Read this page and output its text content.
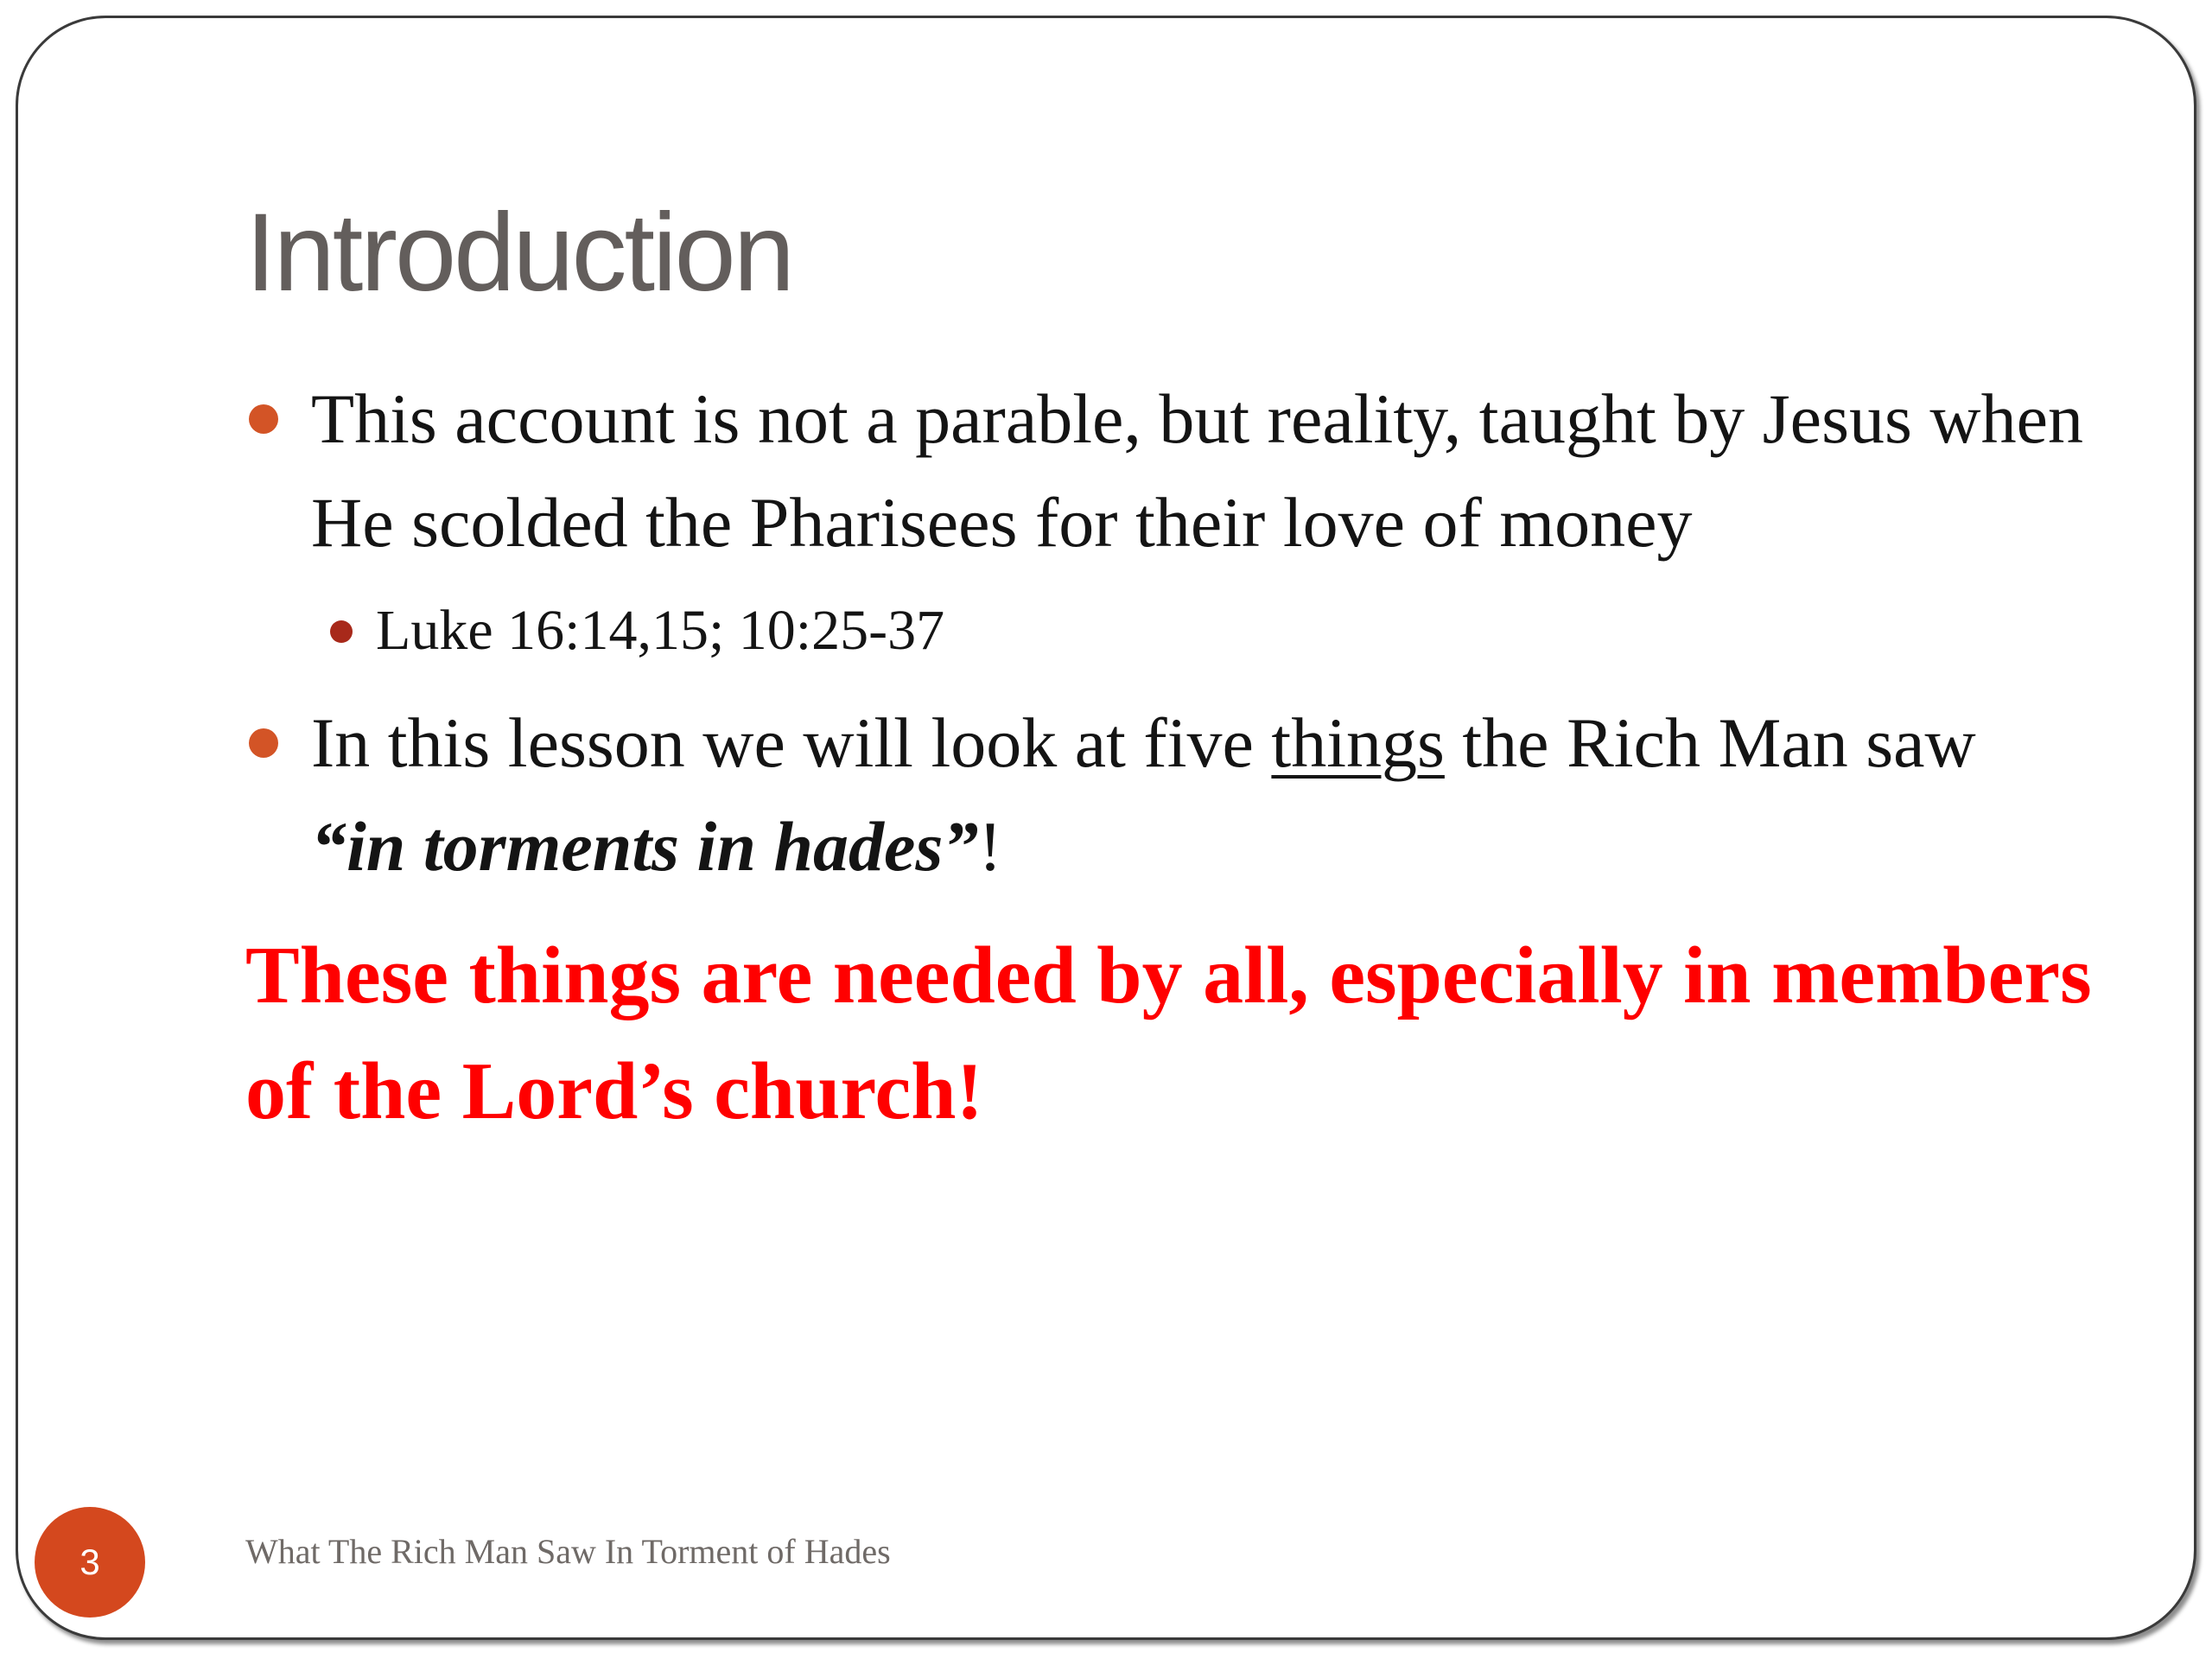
Introduction
This account is not a parable, but reality, taught by Jesus when He scolded the Pharisees for their love of money
Luke 16:14,15; 10:25-37
In this lesson we will look at five things the Rich Man saw
“in torments in hades”!
These things are needed by all, especially in members of the Lord’s church!
3	What The Rich Man Saw In Torment of Hades
